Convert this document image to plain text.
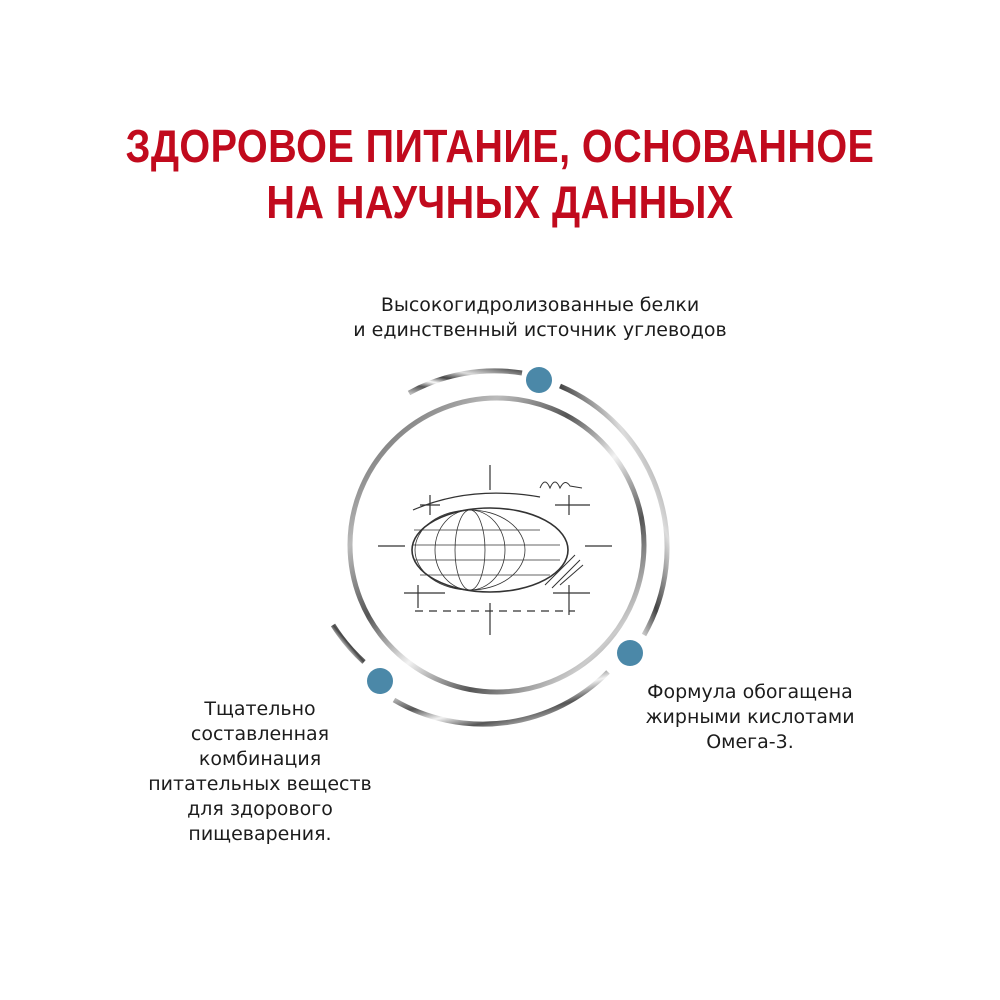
ЗДОРОВОЕ ПИТАНИЕ, ОСНОВАННОЕ
НА НАУЧНЫХ ДАННЫХ
Высокогидролизованные белки
и единственный источник углеводов
Тщательно
составленная
комбинация
питательных веществ
для здорового
пищеварения.
Формула обогащена
жирными кислотами
Омега-3.
